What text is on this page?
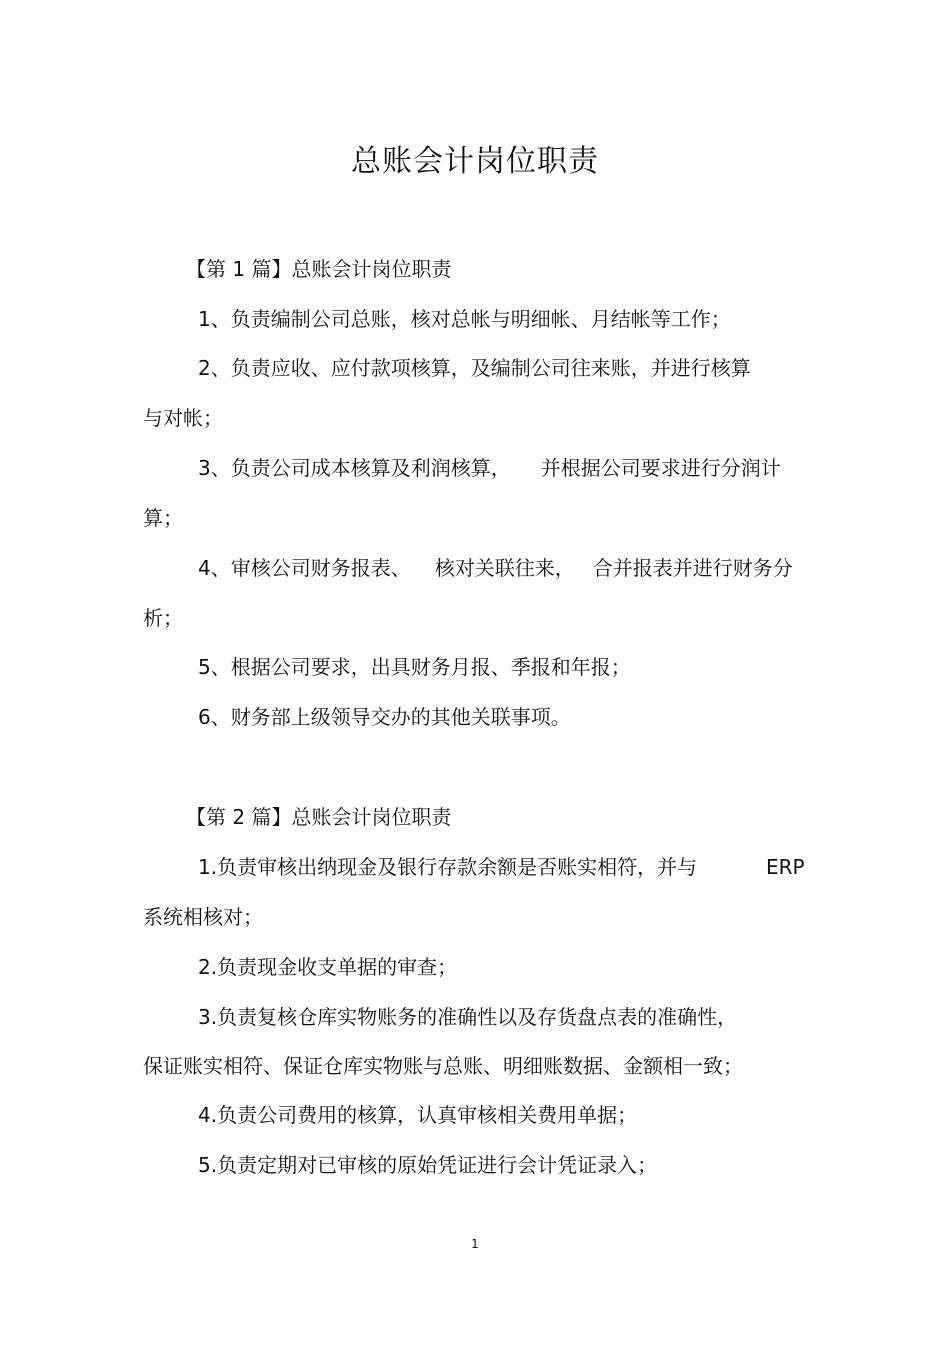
总账会计岗位职责
【第 1 篇】总账会计岗位职责
1、负责编制公司总账，核对总帐与明细帐、月结帐等工作；
2、负责应收、应付款项核算，及编制公司往来账，并进行核算
与对帐；
3、负责公司成本核算及利润核算， 并根据公司要求进行分润计
算；
4、审核公司财务报表、 核对关联往来， 合并报表并进行财务分
析；
5、根据公司要求，出具财务月报、季报和年报；
6、财务部上级领导交办的其他关联事项。
【第 2 篇】总账会计岗位职责
1.负责审核出纳现金及银行存款余额是否账实相符，并与	ERP
系统相核对；
2.负责现金收支单据的审查；
3.负责复核仓库实物账务的准确性以及存货盘点表的准确性，
保证账实相符、保证仓库实物账与总账、明细账数据、金额相一致；
4.负责公司费用的核算，认真审核相关费用单据；
5.负责定期对已审核的原始凭证进行会计凭证录入；
1
